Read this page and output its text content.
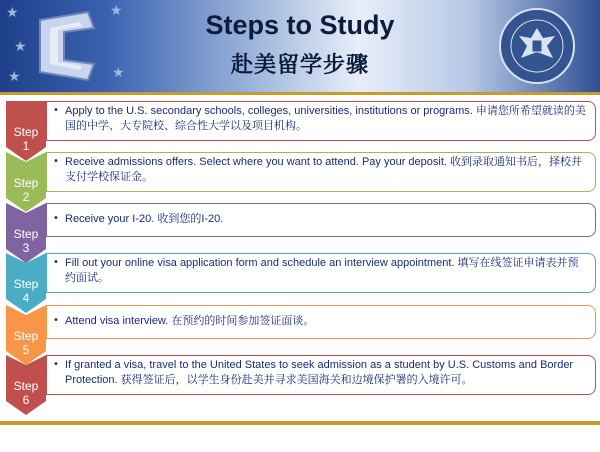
★
★
★
★
★
Steps to Study
赴美留学步骤
• Apply to the U.S. secondary schools, colleges, universities, institutions or programs. 申请您所希望就读的美国的中学、大专院校、综合性大学以及项目机构。
Step
1
• Receive admissions offers. Select where you want to attend. Pay your deposit. 收到录取通知书后，择校并支付学校保证金。
Step
2
• Receive your I-20. 收到您的I-20.
Step
3
• Fill out your online visa application form and schedule an interview appointment. 填写在线签证申请表并预约面试。
Step
4
• Attend visa interview. 在预约的时间参加签证面谈。
Step
5
• If granted a visa, travel to the United States to seek admission as a student by U.S. Customs and Border Protection. 获得签证后，以学生身份赴美并寻求美国海关和边境保护署的入境许可。
Step
6
